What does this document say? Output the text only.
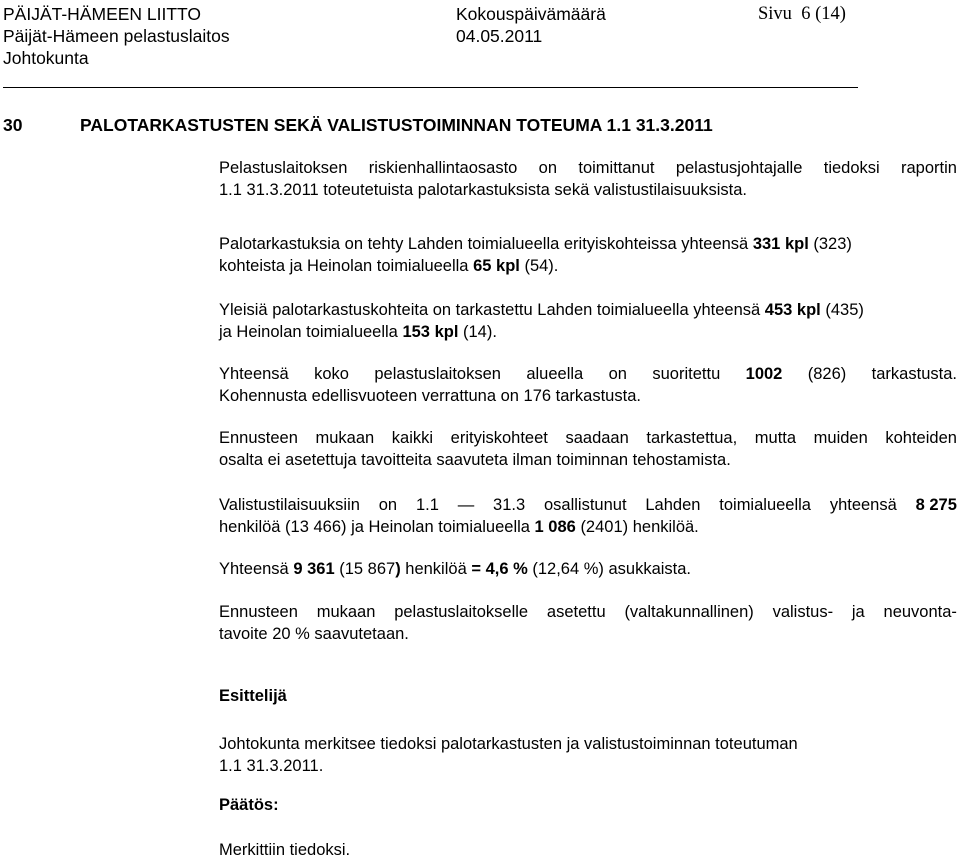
PÄIJÄT-HÄMEEN LIITTO
Päijät-Hämeen pelastuslaitos
Johtokunta
Kokouspäivämäärä
04.05.2011
Sivu 6 (14)
30	PALOTARKASTUSTEN SEKÄ VALISTUSTOIMINNAN TOTEUMA 1.1 31.3.2011
Pelastuslaitoksen riskienhallintaosasto on toimittanut pelastusjohtajalle tiedoksi raportin
1.1 31.3.2011 toteutetuista palotarkastuksista sekä valistustilaisuuksista.
Palotarkastuksia on tehty Lahden toimialueella erityiskohteissa yhteensä 331 kpl (323)
kohteista ja Heinolan toimialueella 65 kpl (54).
Yleisiä palotarkastuskohteita on tarkastettu Lahden toimialueella yhteensä 453 kpl (435)
ja Heinolan toimialueella 153 kpl (14).
Yhteensä koko pelastuslaitoksen alueella on suoritettu 1002 (826) tarkastusta.
Kohennusta edellisvuoteen verrattuna on 176 tarkastusta.
Ennusteen mukaan kaikki erityiskohteet saadaan tarkastettua, mutta muiden kohteiden
osalta ei asetettuja tavoitteita saavuteta ilman toiminnan tehostamista.
Valistustilaisuuksiin on 1.1 — 31.3 osallistunut Lahden toimialueella yhteensä 8 275
henkilöä (13 466) ja Heinolan toimialueella 1 086 (2401) henkilöä.
Yhteensä 9 361 (15 867) henkilöä = 4,6 % (12,64 %) asukkaista.
Ennusteen mukaan pelastuslaitokselle asetettu (valtakunnallinen) valistus- ja neuvonta-
tavoite 20 % saavutetaan.
Esittelijä
Johtokunta merkitsee tiedoksi palotarkastusten ja valistustoiminnan toteutuman
1.1 31.3.2011.
Päätös:
Merkittiin tiedoksi.
